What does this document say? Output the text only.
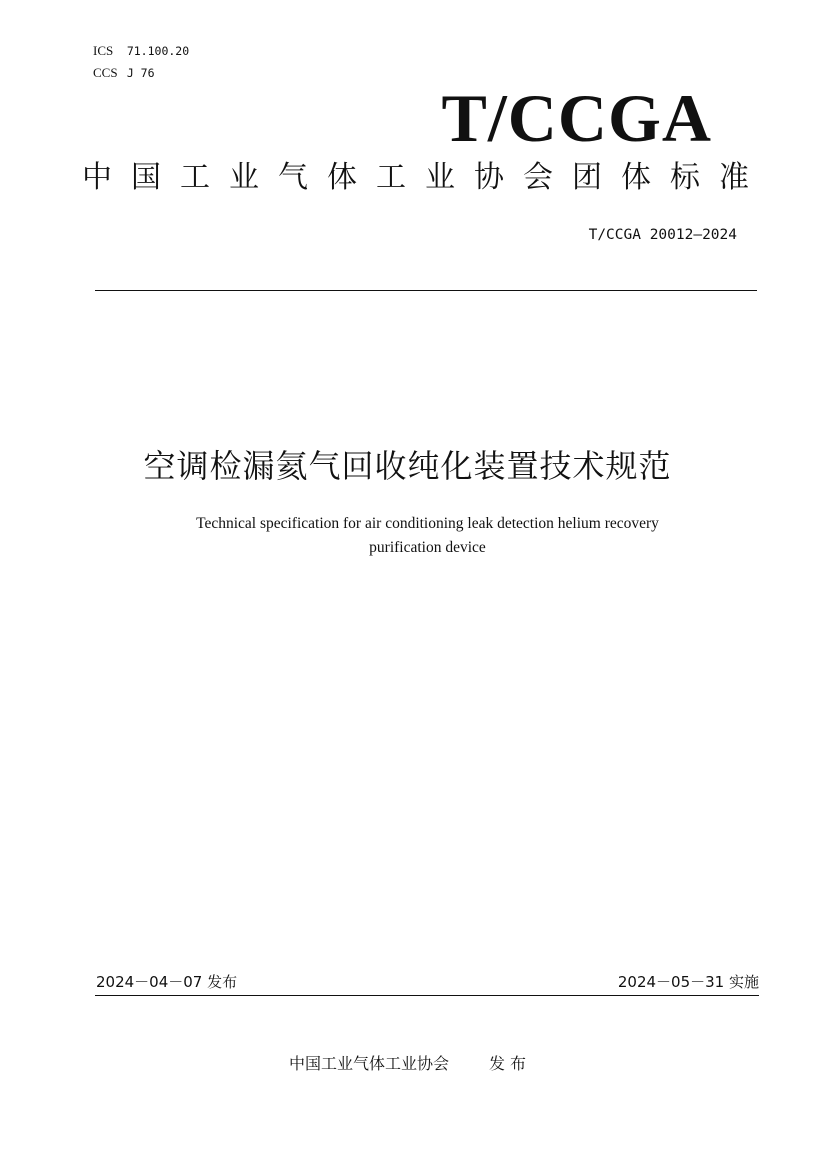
ICS 71.100.20
CCS J 76
T/CCGA
中国工业气体工业协会团体标准
T/CCGA 20012—2024
空调检漏氦气回收纯化装置技术规范
Technical specification for air conditioning leak detection helium recovery
purification device
2024－04－07 发布	2024－05－31 实施
中国工业气体工业协会	发 布
